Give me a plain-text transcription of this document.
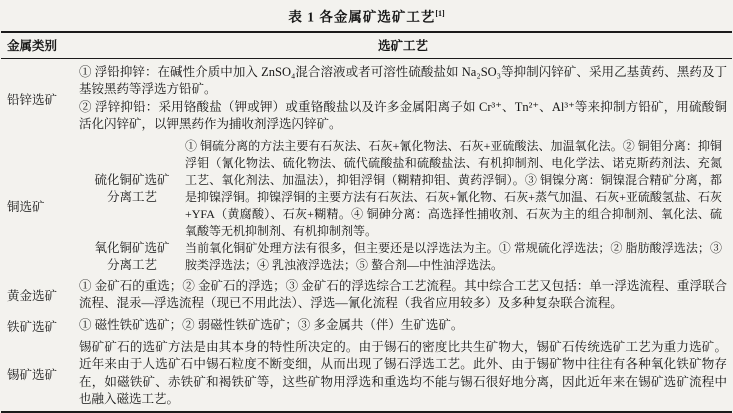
表 1 各金属矿选矿工艺[1]
金属类别	选矿工艺
铅锌选矿

① 浮铅抑锌：在碱性介质中加入 ZnSO₄混合溶液或者可溶性硫酸盐如 Na₂SO₃等抑制闪锌矿、采用乙基黄药、黑药及丁基铵黑药等浮选方铅矿。

② 浮锌抑铅：采用铬酸盐（钾或钾）或重铬酸盐以及许多金属阳离子如 Cr³⁺、Tn²⁺、Al³⁺等来抑制方铅矿，用硫酸铜活化闪锌矿，以钾黑药作为捕收剂浮选闪锌矿。

铜选矿
硫化铜矿选矿
分离工艺
① 铜硫分离的方法主要有石灰法、石灰+氰化物法、石灰+亚硫酸法、加温氧化法。② 铜钼分离：抑铜浮钼（氰化物法、硫化物法、硫代硫酸盐和硫酸盐法、有机抑制剂、电化学法、诺克斯药剂法、充氮工艺、氧化剂法、加温法），抑钼浮铜（糊精抑钼、黄药浮铜）。③ 铜镍分离：铜镍混合精矿分离，都是抑镍浮铜。抑镍浮铜的主要方法有石灰法、石灰+氰化物、石灰+蒸气加温、石灰+亚硫酸氢盐、石灰+YFA（黄腐酸）、石灰+糊精。④ 铜砷分离：高选择性捕收剂、石灰为主的组合抑制剂、氧化法、硫氧酸等无机抑制剂、有机抑制剂等。
氧化铜矿选矿
分离工艺
当前氧化铜矿处理方法有很多，但主要还是以浮选法为主。① 常规硫化浮选法；② 脂肪酸浮选法；③ 胺类浮选法；④ 乳浊液浮选法；⑤ 螯合剂—中性油浮选法。
黄金选矿

① 金矿石的重选；② 金矿石的浮选；③ 金矿石的浮选综合工艺流程。其中综合工艺又包括：单一浮选流程、重浮联合流程、混汞—浮选流程（现已不用此法）、浮选—氰化流程（我省应用较多）及多种复杂联合流程。

铁矿选矿	① 磁性铁矿选矿；② 弱磁性铁矿选矿；③ 多金属共（伴）生矿选矿。

锡矿选矿

锡矿矿石的选矿方法是由其本身的特性所决定的。由于锡石的密度比共生矿物大，锡矿石传统选矿工艺为重力选矿。近年来由于人选矿石中锡石粒度不断变细，从而出现了锡石浮选工艺。此外、由于锡矿物中往往有各种氧化铁矿物存在，如磁铁矿、赤铁矿和褐铁矿等，这些矿物用浮选和重选均不能与锡石很好地分离，因此近年来在锡矿选矿流程中也融入磁选工艺。
